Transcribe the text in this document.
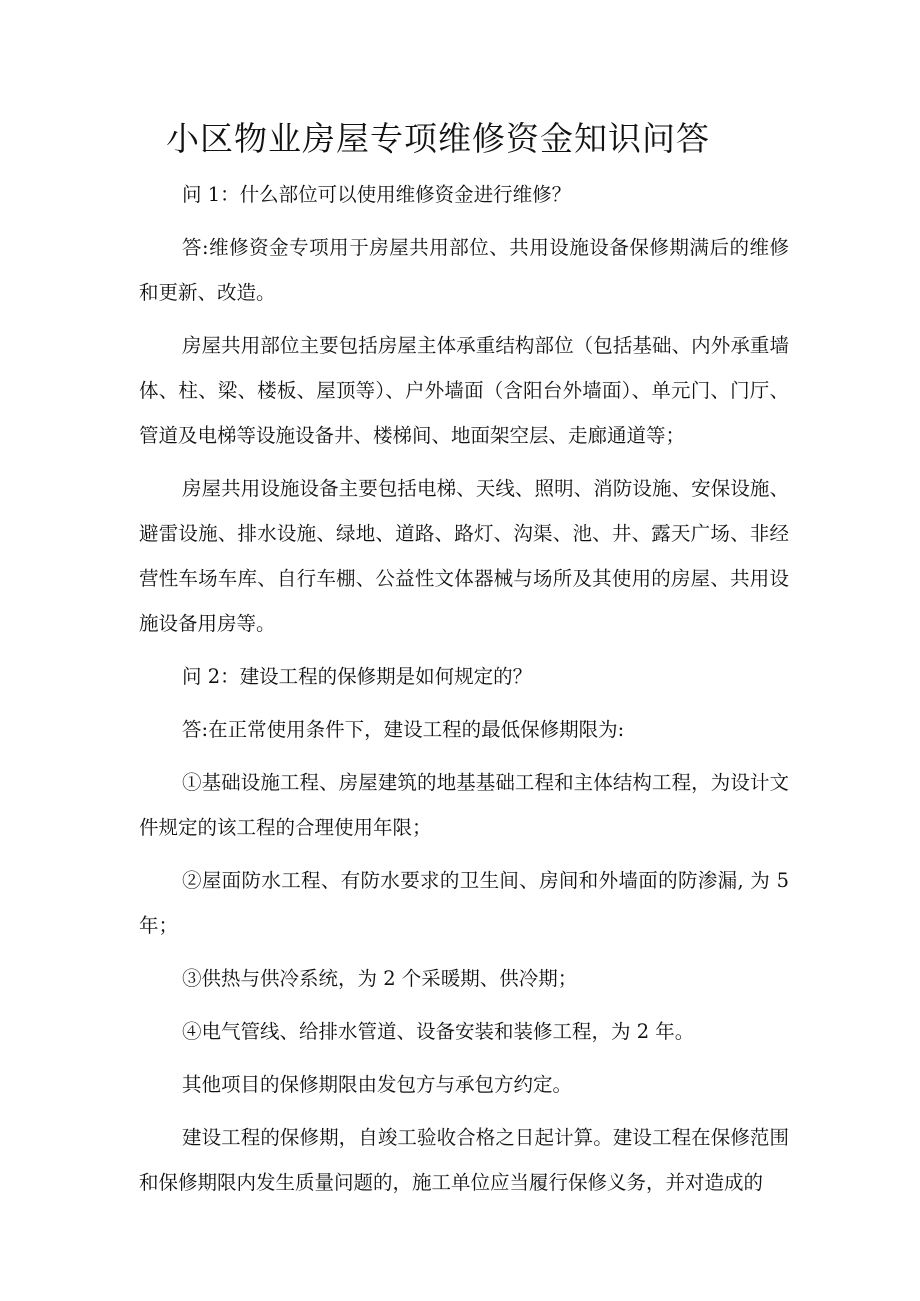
小区物业房屋专项维修资金知识问答

问 1：什么部位可以使用维修资金进行维修？

答:维修资金专项用于房屋共用部位、共用设施设备保修期满后的维修和更新、改造。

房屋共用部位主要包括房屋主体承重结构部位（包括基础、内外承重墙体、柱、梁、楼板、屋顶等）、户外墙面（含阳台外墙面）、单元门、门厅、管道及电梯等设施设备井、楼梯间、地面架空层、走廊通道等；

房屋共用设施设备主要包括电梯、天线、照明、消防设施、安保设施、避雷设施、排水设施、绿地、道路、路灯、沟渠、池、井、露天广场、非经营性车场车库、自行车棚、公益性文体器械与场所及其使用的房屋、共用设施设备用房等。

问 2：建设工程的保修期是如何规定的？

答:在正常使用条件下，建设工程的最低保修期限为:

①基础设施工程、房屋建筑的地基基础工程和主体结构工程，为设计文件规定的该工程的合理使用年限；

②屋面防水工程、有防水要求的卫生间、房间和外墙面的防渗漏, 为 5 年；

③供热与供冷系统，为 2 个采暖期、供冷期；

④电气管线、给排水管道、设备安装和装修工程，为 2 年。

其他项目的保修期限由发包方与承包方约定。

建设工程的保修期，自竣工验收合格之日起计算。建设工程在保修范围和保修期限内发生质量问题的，施工单位应当履行保修义务，并对造成的
